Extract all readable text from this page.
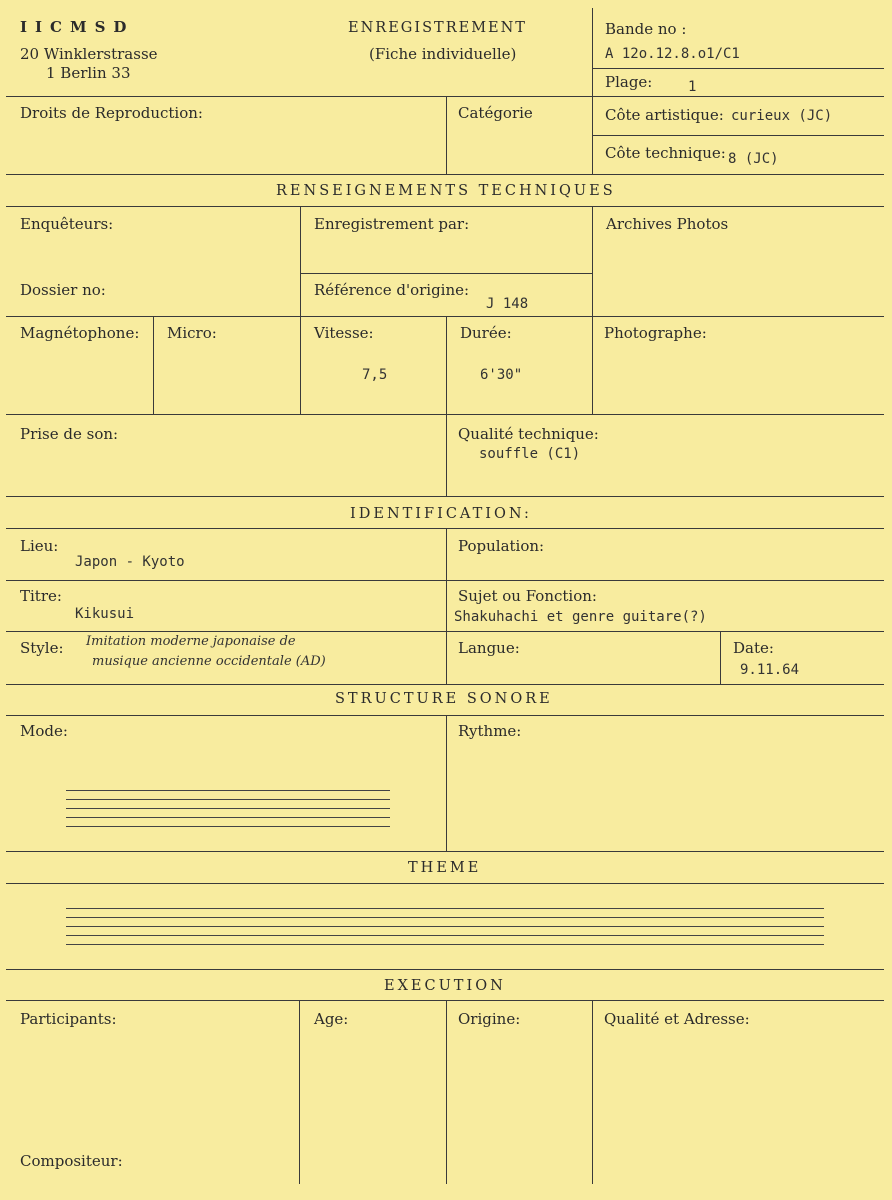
IICMSD
20 Winklerstrasse
1 Berlin 33
ENREGISTREMENT
(Fiche individuelle)
Bande no :
A 12o.12.8.o1/C1
Plage:	1
Droits de Reproduction:	Catégorie	Côte artistique: curieux (JC)
Côte technique: 8 (JC)
RENSEIGNEMENTS TECHNIQUES
Enquêteurs:	Enregistrement par:	Archives Photos
Dossier no:	Référence d'origine:
J 148
Magnétophone: Micro:	Vitesse:
7,5
Durée:
6'30"
Photographe:
Prise de son:	Qualité technique:
souffle (C1)
IDENTIFICATION:
Lieu:
Japon - Kyoto
Population:
Titre:
Kikusui
Sujet ou Fonction:
Shakuhachi et genre guitare(?)
Style: Imitation moderne japonaise de
musique ancienne occidentale (AD)
Langue:	Date:
9.11.64
STRUCTURE SONORE
Mode:	Rythme:
THEME
EXECUTION
Participants:	Age:	Origine:	Qualité et Adresse:
Compositeur:
